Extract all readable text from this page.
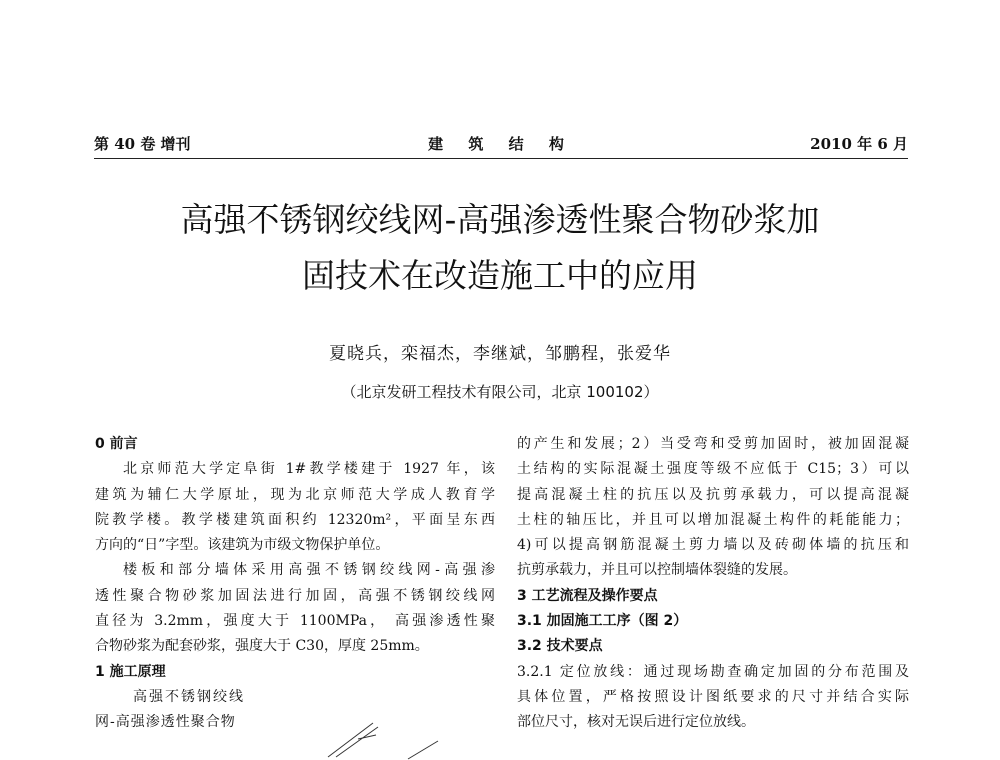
第 40 卷 增刊	建 筑 结 构	2010 年 6 月
高强不锈钢绞线网-高强渗透性聚合物砂浆加
固技术在改造施工中的应用
夏晓兵，栾福杰，李继斌，邹鹏程，张爱华
（北京发研工程技术有限公司，北京 100102）
0 前言
北京师范大学定阜街 1#教学楼建于 1927 年，该
建筑为辅仁大学原址，现为北京师范大学成人教育学
院教学楼。教学楼建筑面积约 12320m²，平面呈东西
方向的“日”字型。该建筑为市级文物保护单位。
楼板和部分墙体采用高强不锈钢绞线网-高强渗
透性聚合物砂浆加固法进行加固，高强不锈钢绞线网
直径为 3.2mm，强度大于 1100MPa， 高强渗透性聚
合物砂浆为配套砂浆，强度大于 C30，厚度 25mm。
1 施工原理
高强不锈钢绞线
网-高强渗透性聚合物
的产生和发展；2）当受弯和受剪加固时，被加固混凝
土结构的实际混凝土强度等级不应低于 C15；3）可以
提高混凝土柱的抗压以及抗剪承载力，可以提高混凝
土柱的轴压比，并且可以增加混凝土构件的耗能能力；
4)可以提高钢筋混凝土剪力墙以及砖砌体墙的抗压和
抗剪承载力，并且可以控制墙体裂缝的发展。
3 工艺流程及操作要点
3.1 加固施工工序（图 2）
3.2 技术要点
3.2.1 定位放线：通过现场勘查确定加固的分布范围及
具体位置，严格按照设计图纸要求的尺寸并结合实际
部位尺寸，核对无误后进行定位放线。
